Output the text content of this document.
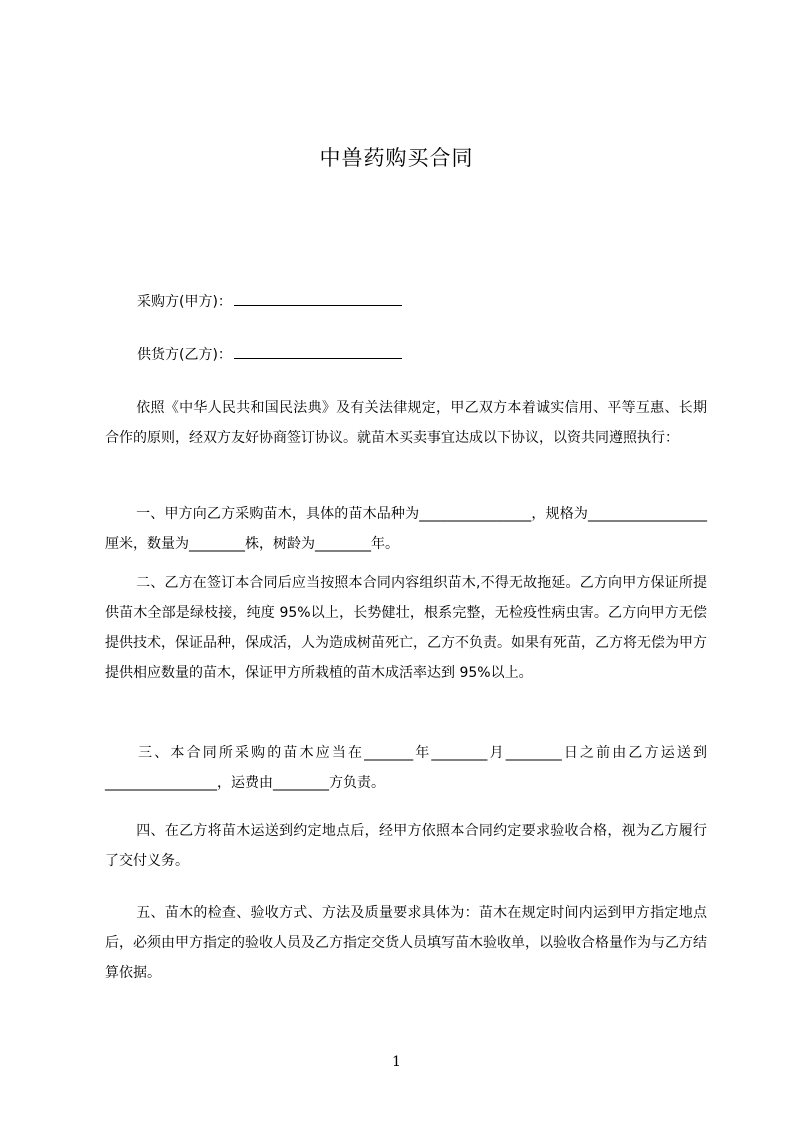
中兽药购买合同
采购方(甲方)：
供货方(乙方)：

依照《中华人民共和国民法典》及有关法律规定，甲乙双方本着诚实信用、平等互惠、长期合作的原则，经双方友好协商签订协议。就苗木买卖事宜达成以下协议，以资共同遵照执行：

一、甲方向乙方采购苗木，具体的苗木品种为________________，规格为_________________厘米，数量为________株，树龄为________年。

二、乙方在签订本合同后应当按照本合同内容组织苗木,不得无故拖延。乙方向甲方保证所提供苗木全部是绿枝接，纯度 95%以上，长势健壮，根系完整，无检疫性病虫害。乙方向甲方无偿提供技术，保证品种，保成活，人为造成树苗死亡，乙方不负责。如果有死苗，乙方将无偿为甲方提供相应数量的苗木，保证甲方所栽植的苗木成活率达到 95%以上。

三、本合同所采购的苗木应当在_______年________月________日之前由乙方运送到________________，运费由________方负责。

四、在乙方将苗木运送到约定地点后，经甲方依照本合同约定要求验收合格，视为乙方履行了交付义务。

五、苗木的检查、验收方式、方法及质量要求具体为：苗木在规定时间内运到甲方指定地点后，必须由甲方指定的验收人员及乙方指定交货人员填写苗木验收单，以验收合格量作为与乙方结算依据。

1
